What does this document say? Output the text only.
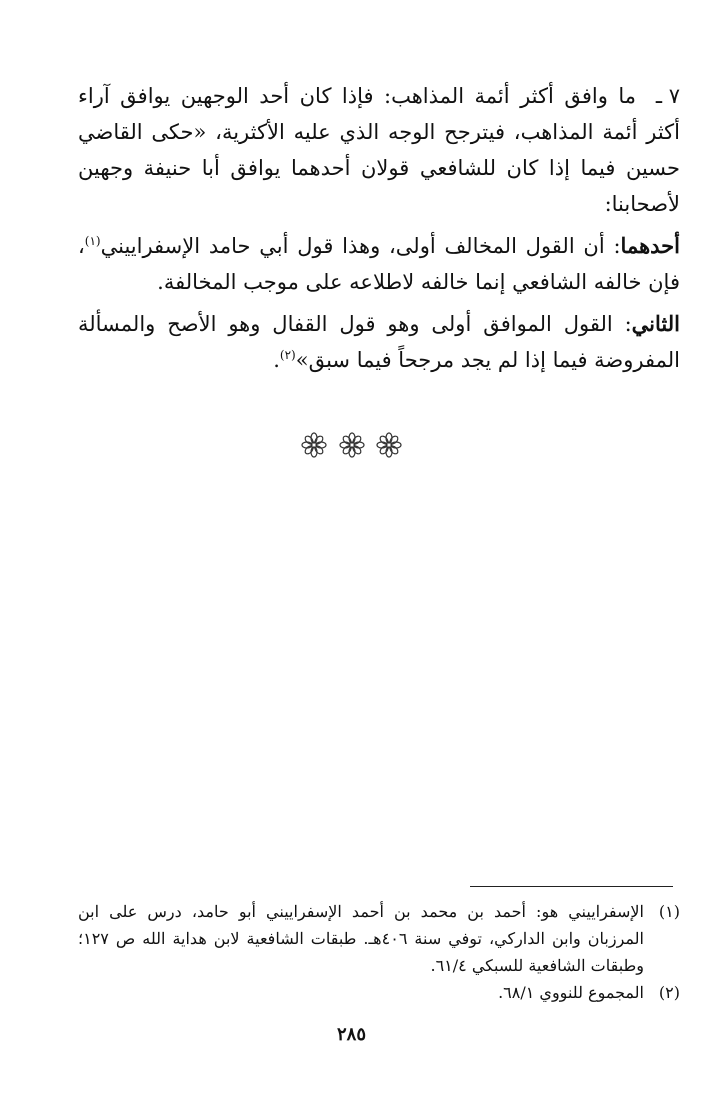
٧ ـما وافق أكثر أئمة المذاهب: فإذا كان أحد الوجهين يوافق آراء أكثر أئمة المذاهب، فيترجح الوجه الذي عليه الأكثرية، «حكى القاضي حسين فيما إذا كان للشافعي قولان أحدهما يوافق أبا حنيفة وجهين لأصحابنا:

أحدهما: أن القول المخالف أولى، وهذا قول أبي حامد الإسفراييني$^{(١)}$، فإن خالفه الشافعي إنما خالفه لاطلاعه على موجب المخالفة.

الثاني: القول الموافق أولى وهو قول القفال وهو الأصح والمسألة المفروضة فيما إذا لم يجد مرجحاً فيما سبق»$^{(٢)}$.

(١)
الإسفراييني هو: أحمد بن محمد بن أحمد الإسفراييني أبو حامد، درس على ابن المرزبان وابن الداركي، توفي سنة ٤٠٦هـ. طبقات الشافعية لابن هداية الله ص ١٢٧؛ وطبقات الشافعية للسبكي ٦١/٤.
(٢)
المجموع للنووي ٦٨/١.
٢٨٥
